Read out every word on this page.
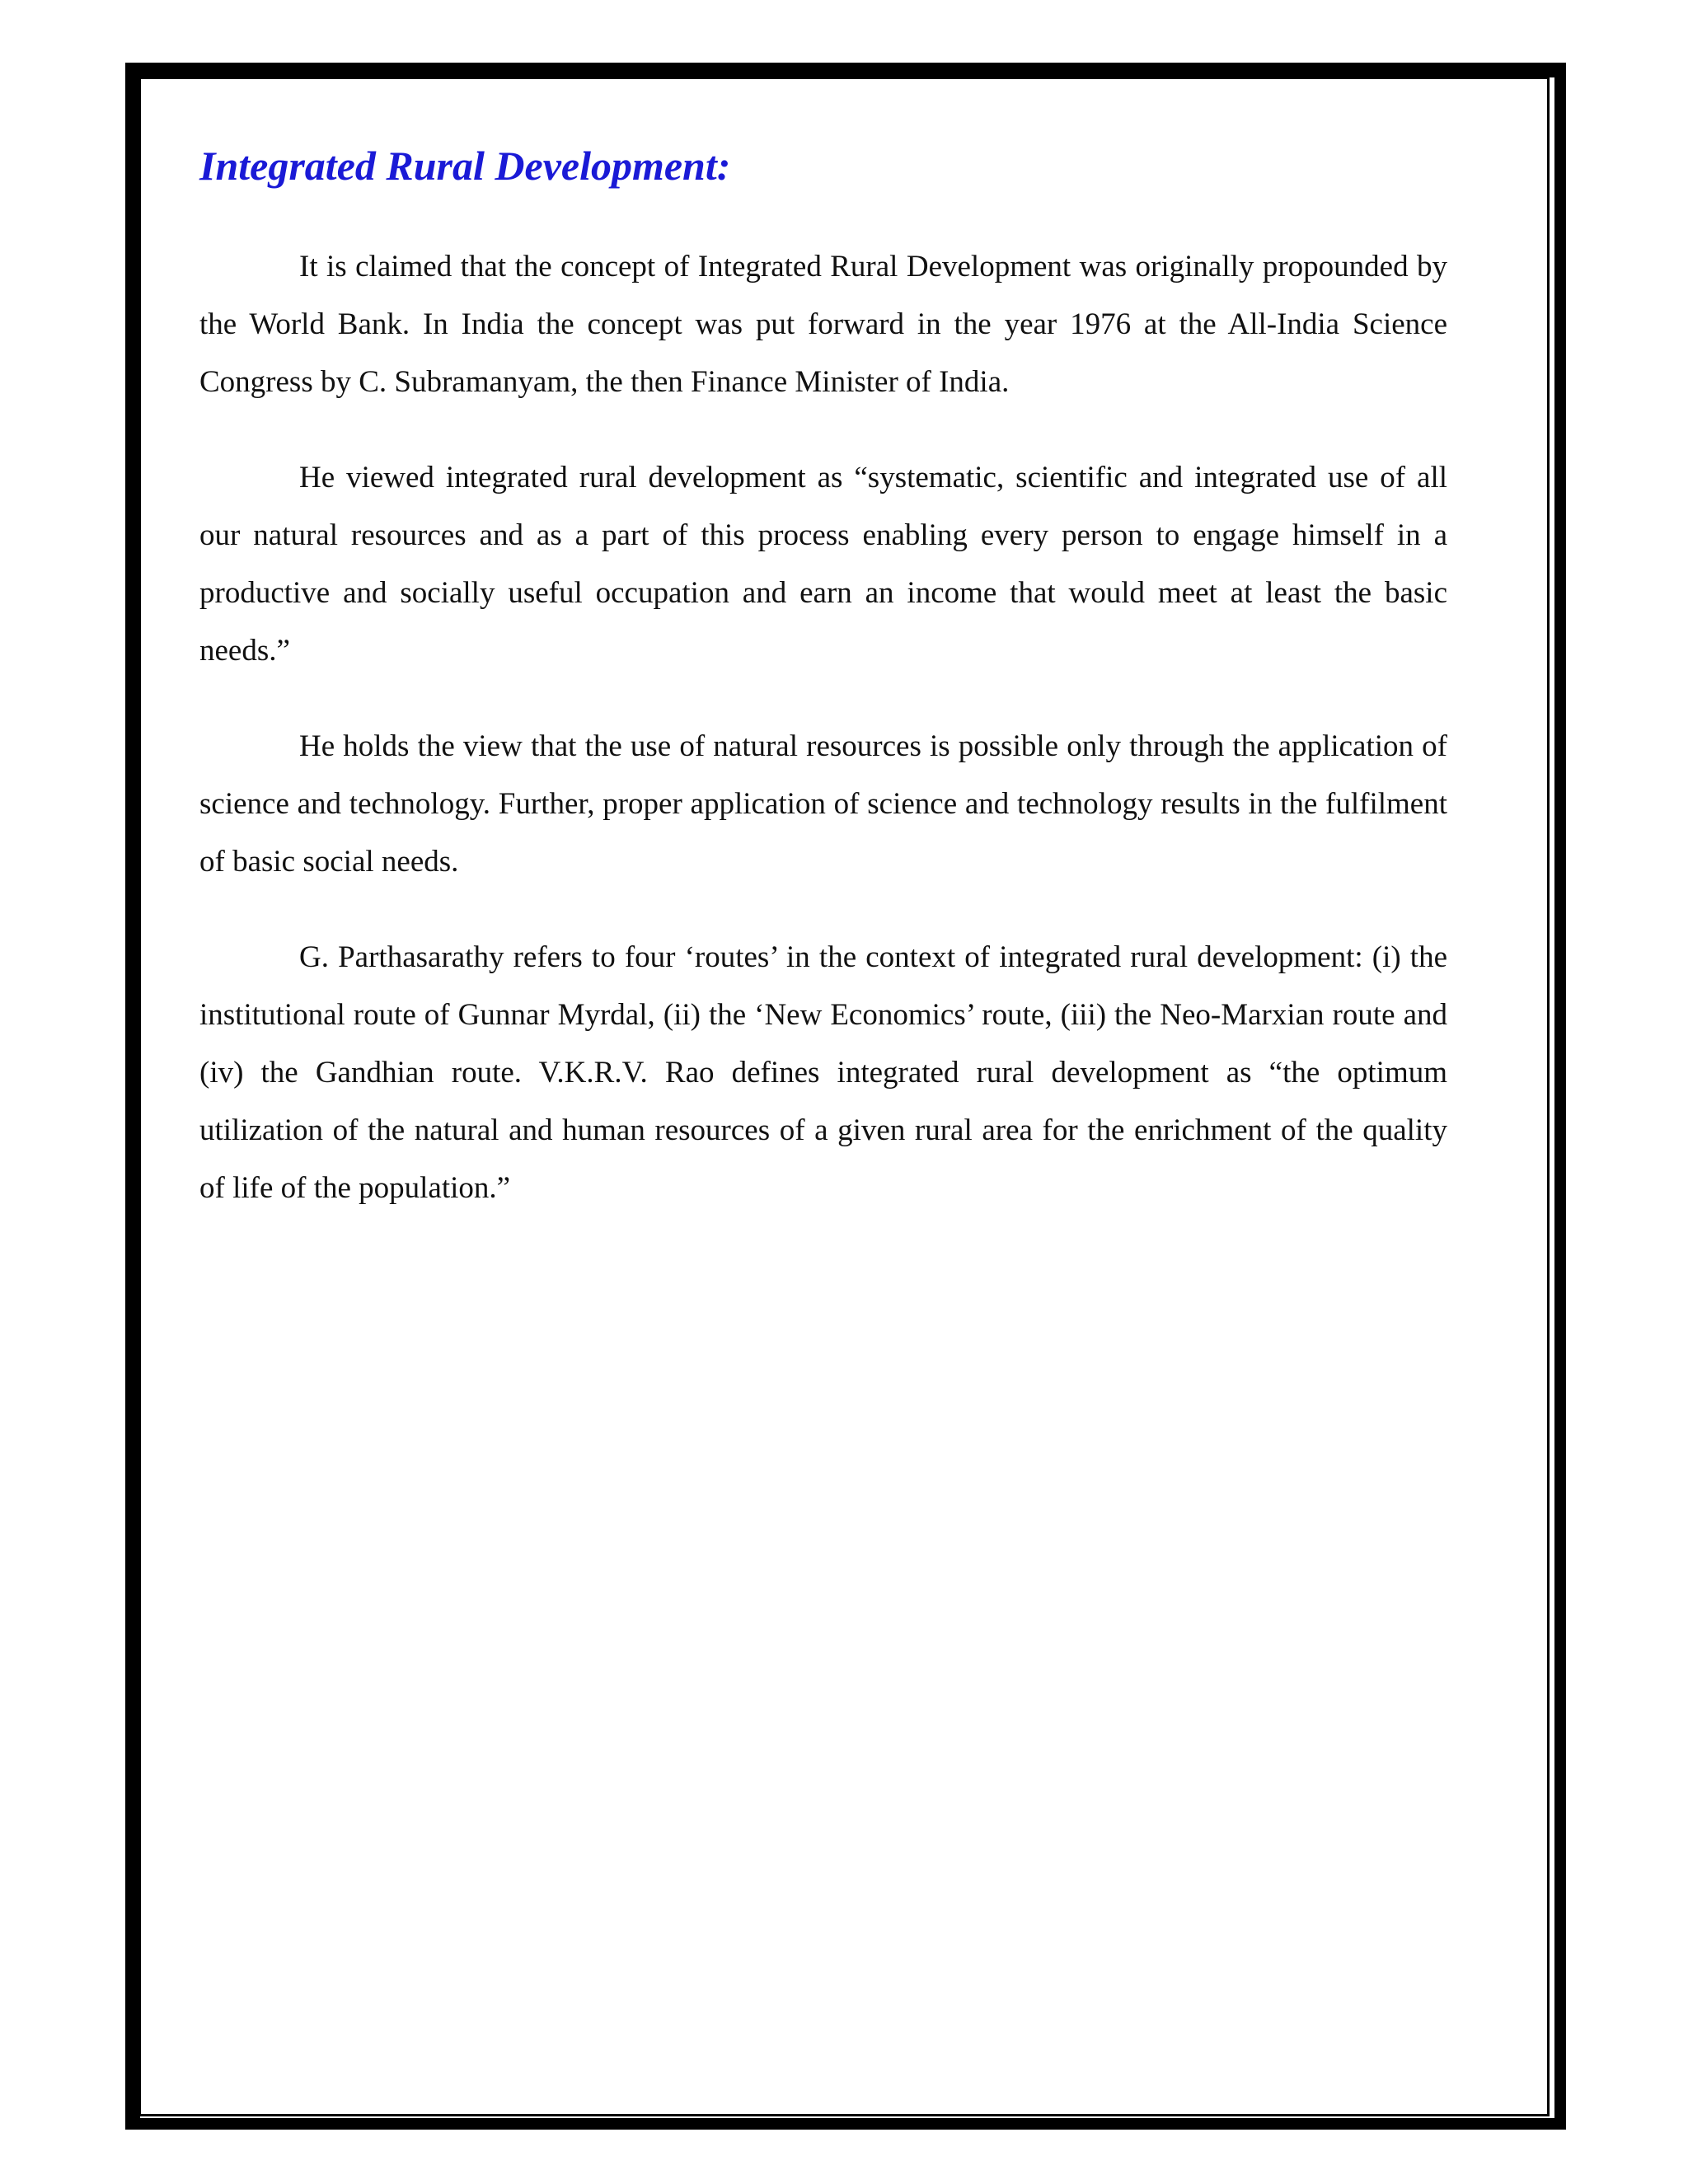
Integrated Rural Development:

It is claimed that the concept of Integrated Rural Development was originally propounded by the World Bank. In India the concept was put forward in the year 1976 at the All-India Science Congress by C. Subramanyam, the then Finance Minister of India.

He viewed integrated rural development as “systematic, scientific and integrated use of all our natural resources and as a part of this process enabling every person to engage himself in a productive and socially useful occupation and earn an income that would meet at least the basic needs.”

He holds the view that the use of natural resources is possible only through the application of science and technology. Further, proper application of science and technology results in the fulfilment of basic social needs.

G. Parthasarathy refers to four ‘routes’ in the context of integrated rural development: (i) the institutional route of Gunnar Myrdal, (ii) the ‘New Economics’ route, (iii) the Neo-Marxian route and (iv) the Gandhian route. V.K.R.V. Rao defines integrated rural development as “the optimum utilization of the natural and human resources of a given rural area for the enrichment of the quality of life of the population.”
